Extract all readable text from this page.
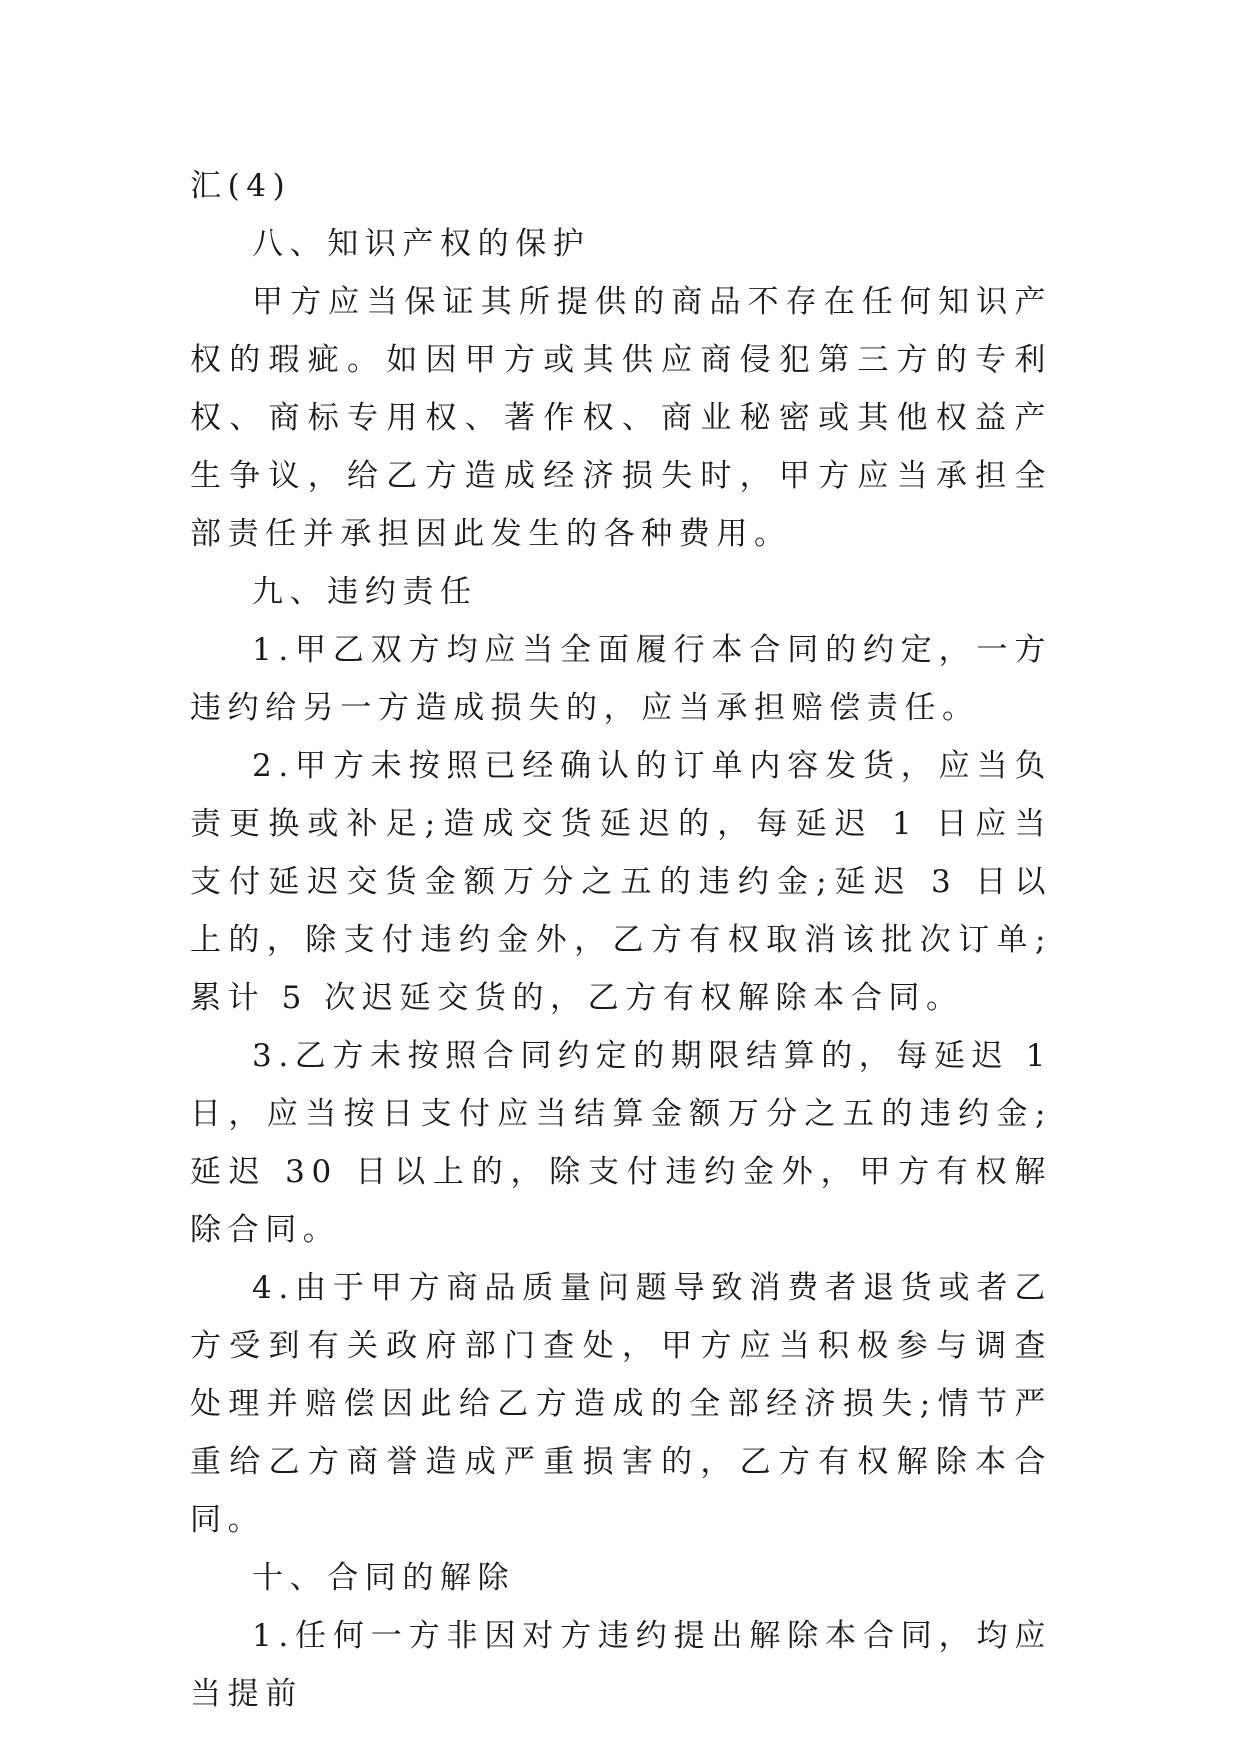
汇(4)

八、知识产权的保护

甲方应当保证其所提供的商品不存在任何知识产权的瑕疵。如因甲方或其供应商侵犯第三方的专利权、商标专用权、著作权、商业秘密或其他权益产生争议，给乙方造成经济损失时，甲方应当承担全部责任并承担因此发生的各种费用。

九、违约责任

1.甲乙双方均应当全面履行本合同的约定，一方违约给另一方造成损失的，应当承担赔偿责任。

2.甲方未按照已经确认的订单内容发货，应当负责更换或补足;造成交货延迟的，每延迟 1 日应当支付延迟交货金额万分之五的违约金;延迟 3 日以上的，除支付违约金外，乙方有权取消该批次订单;累计 5 次迟延交货的，乙方有权解除本合同。

3.乙方未按照合同约定的期限结算的，每延迟 1 日，应当按日支付应当结算金额万分之五的违约金;延迟 30 日以上的，除支付违约金外，甲方有权解除合同。

4.由于甲方商品质量问题导致消费者退货或者乙方受到有关政府部门查处，甲方应当积极参与调查处理并赔偿因此给乙方造成的全部经济损失;情节严重给乙方商誉造成严重损害的，乙方有权解除本合同。

十、合同的解除

1.任何一方非因对方违约提出解除本合同，均应当提前
